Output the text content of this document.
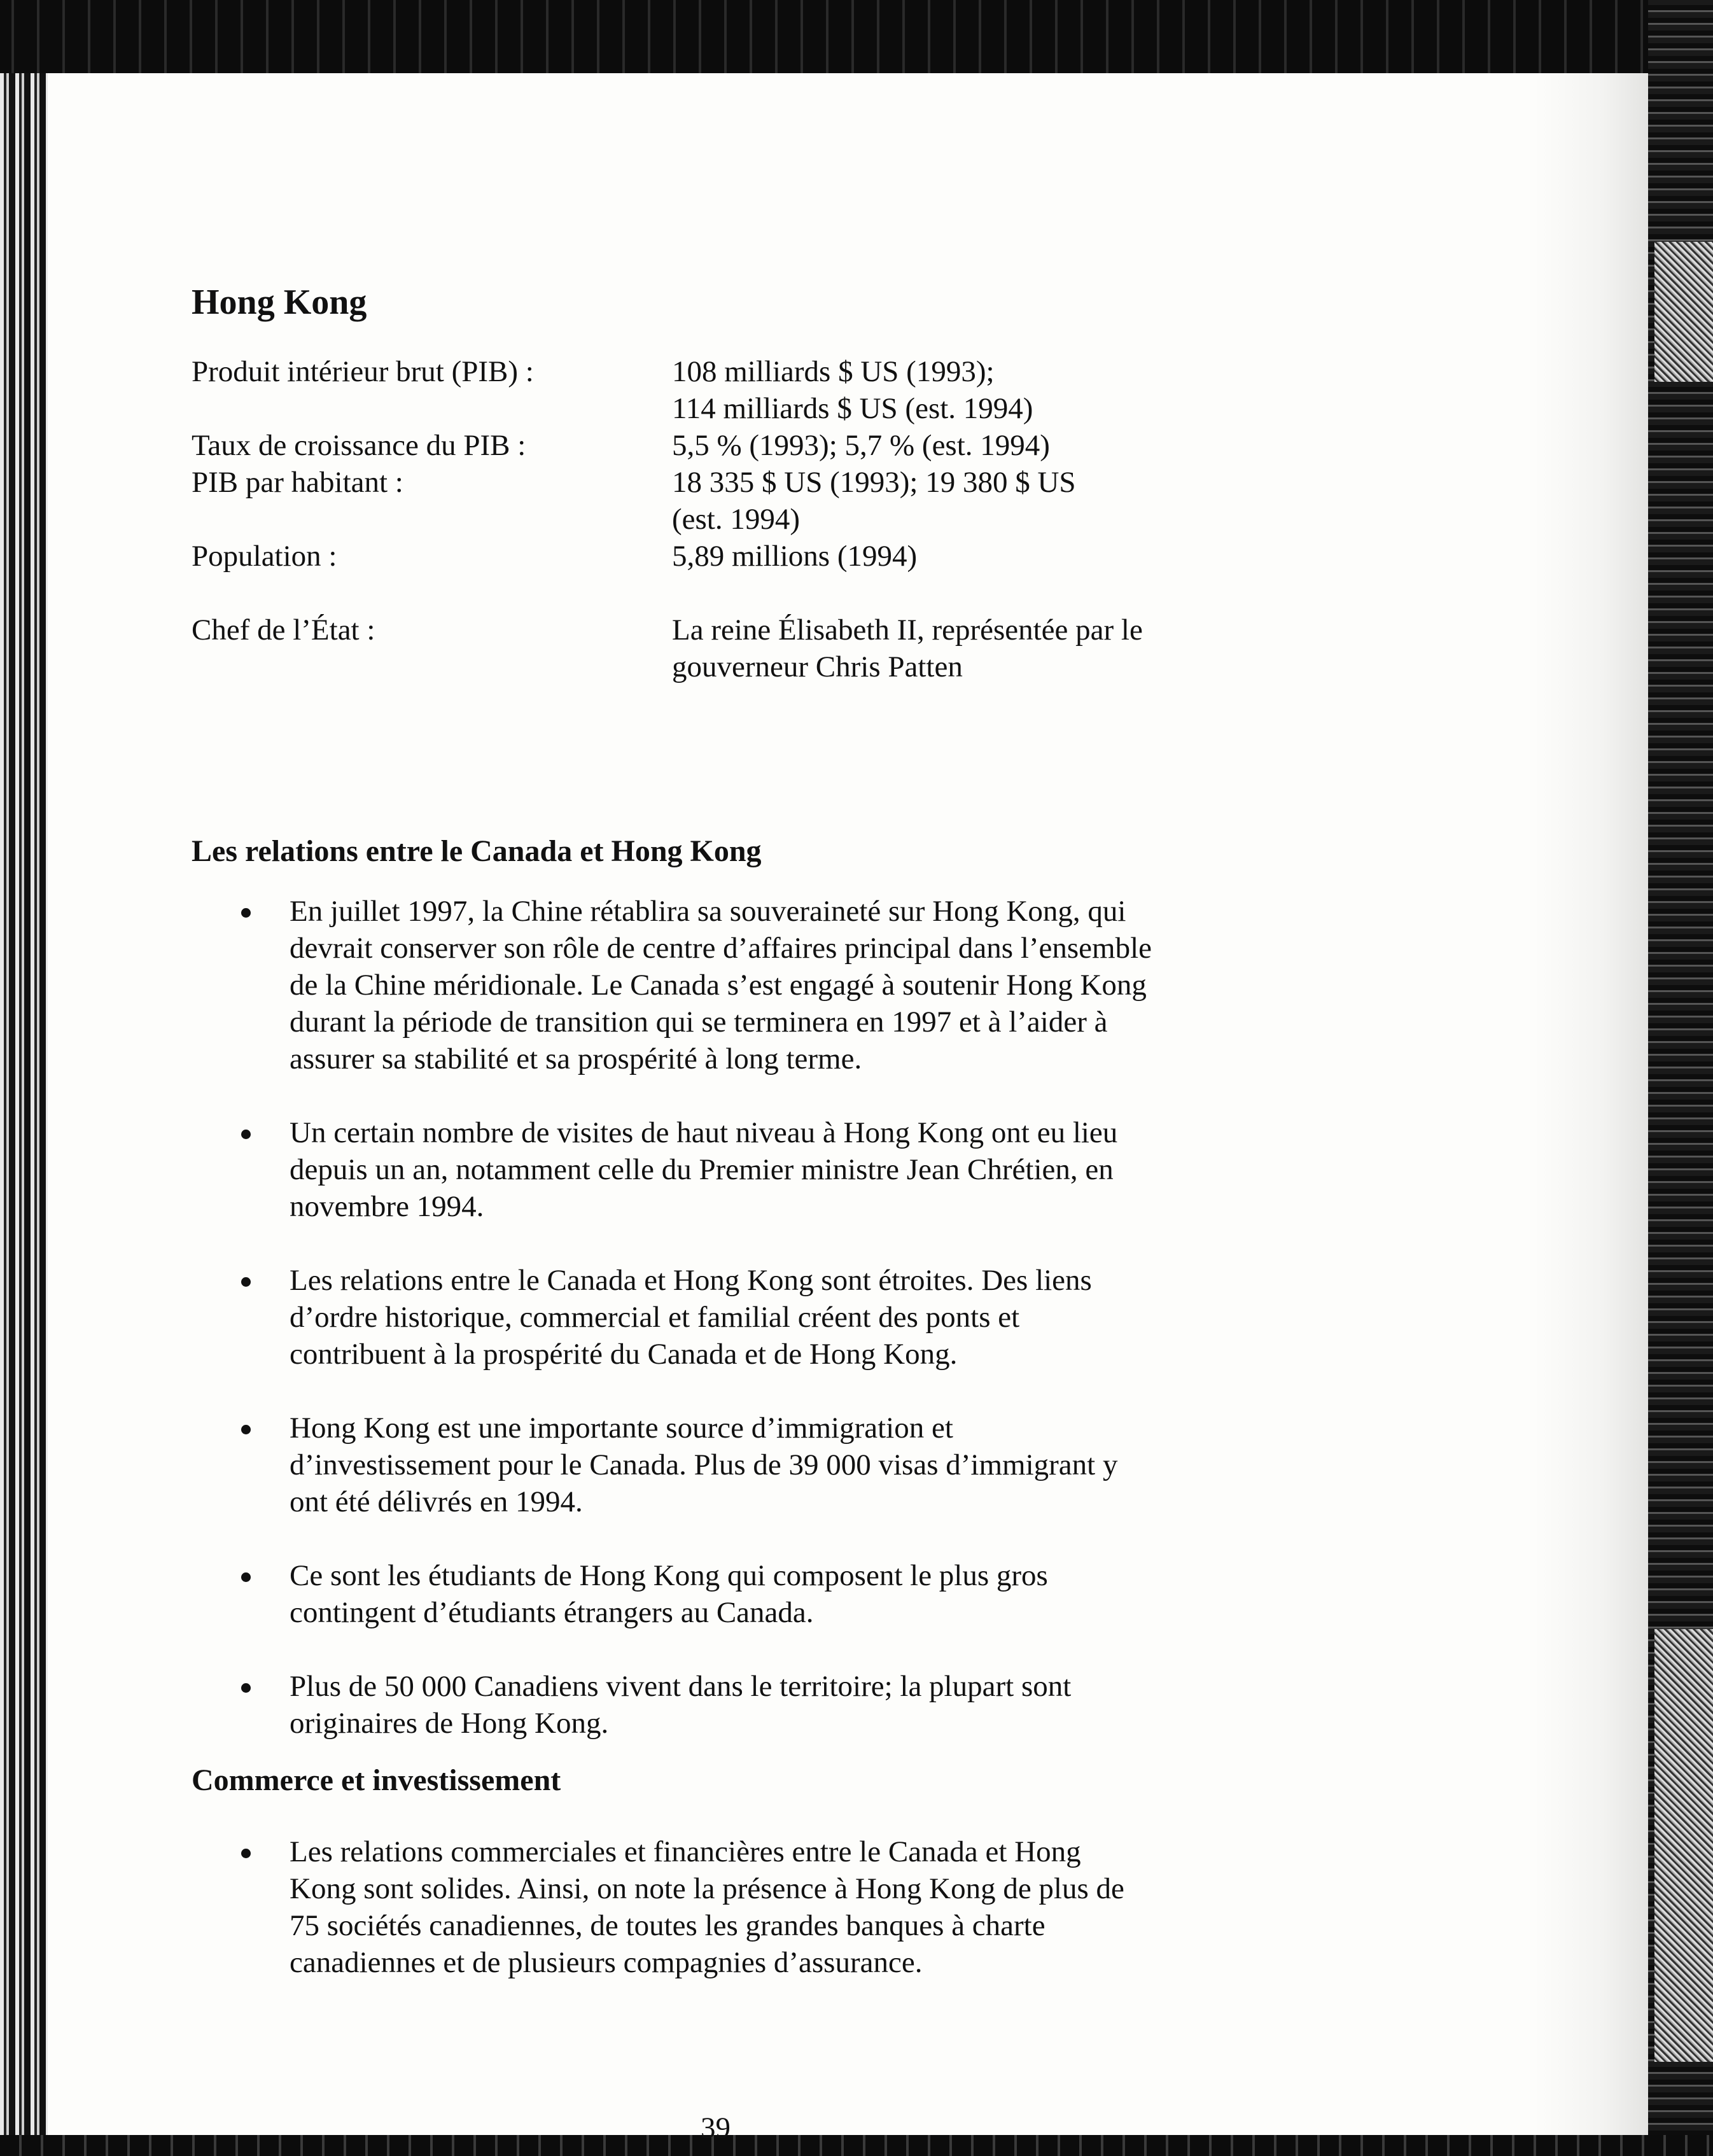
Hong Kong
Produit intérieur brut (PIB) :	108 milliards $ US (1993);
114 milliards $ US (est. 1994)
Taux de croissance du PIB :	5,5 % (1993); 5,7 % (est. 1994)
PIB par habitant :	18 335 $ US (1993); 19 380 $ US
(est. 1994)
Population :	5,89 millions (1994)
Chef de l’État :	La reine Élisabeth II, représentée par le
gouverneur Chris Patten
Les relations entre le Canada et Hong Kong
En juillet 1997, la Chine rétablira sa souveraineté sur Hong Kong, qui
devrait conserver son rôle de centre d’affaires principal dans l’ensemble
de la Chine méridionale. Le Canada s’est engagé à soutenir Hong Kong
durant la période de transition qui se terminera en 1997 et à l’aider à
assurer sa stabilité et sa prospérité à long terme.
Un certain nombre de visites de haut niveau à Hong Kong ont eu lieu
depuis un an, notamment celle du Premier ministre Jean Chrétien, en
novembre 1994.
Les relations entre le Canada et Hong Kong sont étroites. Des liens
d’ordre historique, commercial et familial créent des ponts et
contribuent à la prospérité du Canada et de Hong Kong.
Hong Kong est une importante source d’immigration et
d’investissement pour le Canada. Plus de 39 000 visas d’immigrant y
ont été délivrés en 1994.
Ce sont les étudiants de Hong Kong qui composent le plus gros
contingent d’étudiants étrangers au Canada.
Plus de 50 000 Canadiens vivent dans le territoire; la plupart sont
originaires de Hong Kong.
Commerce et investissement
Les relations commerciales et financières entre le Canada et Hong
Kong sont solides. Ainsi, on note la présence à Hong Kong de plus de
75 sociétés canadiennes, de toutes les grandes banques à charte
canadiennes et de plusieurs compagnies d’assurance.
39
